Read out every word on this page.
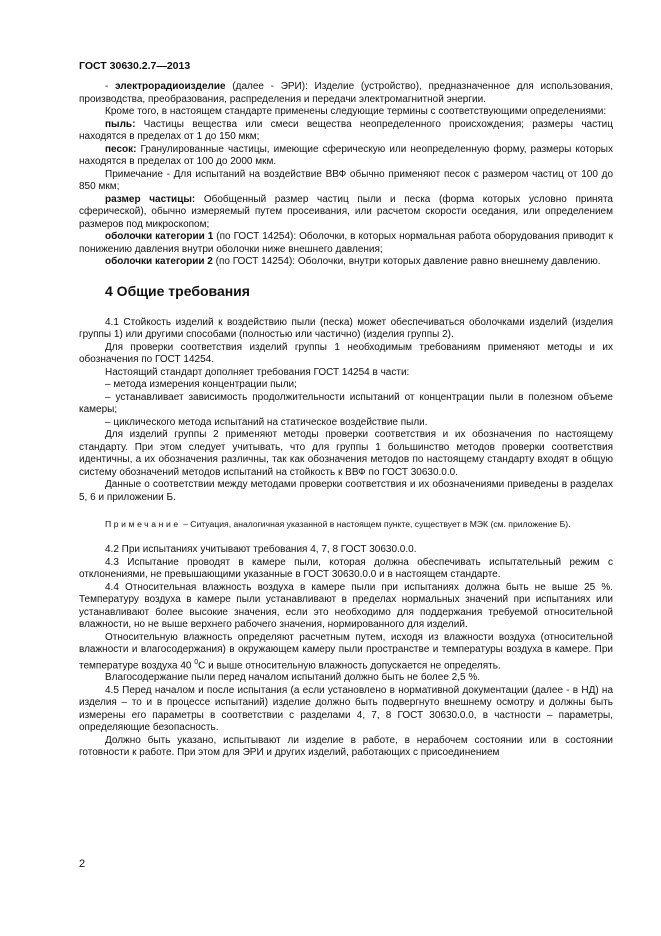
ГОСТ 30630.2.7—2013

- электрорадиоизделие (далее - ЭРИ): Изделие (устройство), предназначенное для использования, производства, преобразования, распределения и передачи электромагнитной энергии.

Кроме того, в настоящем стандарте применены следующие термины с соответствующими определениями:

пыль: Частицы вещества или смеси вещества неопределенного происхождения; размеры частиц находятся в пределах от 1 до 150 мкм;

песок: Гранулированные частицы, имеющие сферическую или неопределенную форму, размеры которых находятся в пределах от 100 до 2000 мкм.

Примечание - Для испытаний на воздействие ВВФ обычно применяют песок с размером частиц от 100 до 850 мкм;

размер частицы: Обобщенный размер частиц пыли и песка (форма которых условно принята сферической), обычно измеряемый путем просеивания, или расчетом скорости оседания, или определением размеров под микроскопом;

оболочки категории 1 (по ГОСТ 14254): Оболочки, в которых нормальная работа оборудования приводит к понижению давления внутри оболочки ниже внешнего давления;

оболочки категории 2 (по ГОСТ 14254): Оболочки, внутри которых давление равно внешнему давлению.

4 Общие требования

4.1 Стойкость изделий к воздействию пыли (песка) может обеспечиваться оболочками изделий (изделия группы 1) или другими способами (полностью или частично) (изделия группы 2).

Для проверки соответствия изделий группы 1 необходимым требованиям применяют методы и их обозначения по ГОСТ 14254.

Настоящий стандарт дополняет требования ГОСТ 14254 в части:

– метода измерения концентрации пыли;

– устанавливает зависимость продолжительности испытаний от концентрации пыли в полезном объеме камеры;

– циклического метода испытаний на статическое воздействие пыли.

Для изделий группы 2 применяют методы проверки соответствия и их обозначения по настоящему стандарту. При этом следует учитывать, что для группы 1 большинство методов проверки соответствия идентичны, а их обозначения различны, так как обозначения методов по настоящему стандарту входят в общую систему обозначений методов испытаний на стойкость к ВВФ по ГОСТ 30630.0.0.

Данные о соответствии между методами проверки соответствия и их обозначениями приведены в разделах 5, 6 и приложении Б.

Примечание – Ситуация, аналогичная указанной в настоящем пункте, существует в МЭК (см. приложение Б).

4.2 При испытаниях учитывают требования 4, 7, 8 ГОСТ 30630.0.0.

4.3 Испытание проводят в камере пыли, которая должна обеспечивать испытательный режим с отклонениями, не превышающими указанные в ГОСТ 30630.0.0 и в настоящем стандарте.

4.4 Относительная влажность воздуха в камере пыли при испытаниях должна быть не выше 25 %. Температуру воздуха в камере пыли устанавливают в пределах нормальных значений при испытаниях или устанавливают более высокие значения, если это необходимо для поддержания требуемой относительной влажности, но не выше верхнего рабочего значения, нормированного для изделий.

Относительную влажность определяют расчетным путем, исходя из влажности воздуха (относительной влажности и влагосодержания) в окружающем камеру пыли пространстве и температуры воздуха в камере. При температуре воздуха 40 $^0$С и выше относительную влажность допускается не определять.

Влагосодержание пыли перед началом испытаний должно быть не более 2,5 %.

4.5 Перед началом и после испытания (а если установлено в нормативной документации (далее - в НД) на изделия – то и в процессе испытаний) изделие должно быть подвергнуто внешнему осмотру и должны быть измерены его параметры в соответствии с разделами 4, 7, 8 ГОСТ 30630.0.0, в частности – параметры, определяющие безопасность.

Должно быть указано, испытывают ли изделие в работе, в нерабочем состоянии или в состоянии готовности к работе. При этом для ЭРИ и других изделий, работающих с присоединением

2
